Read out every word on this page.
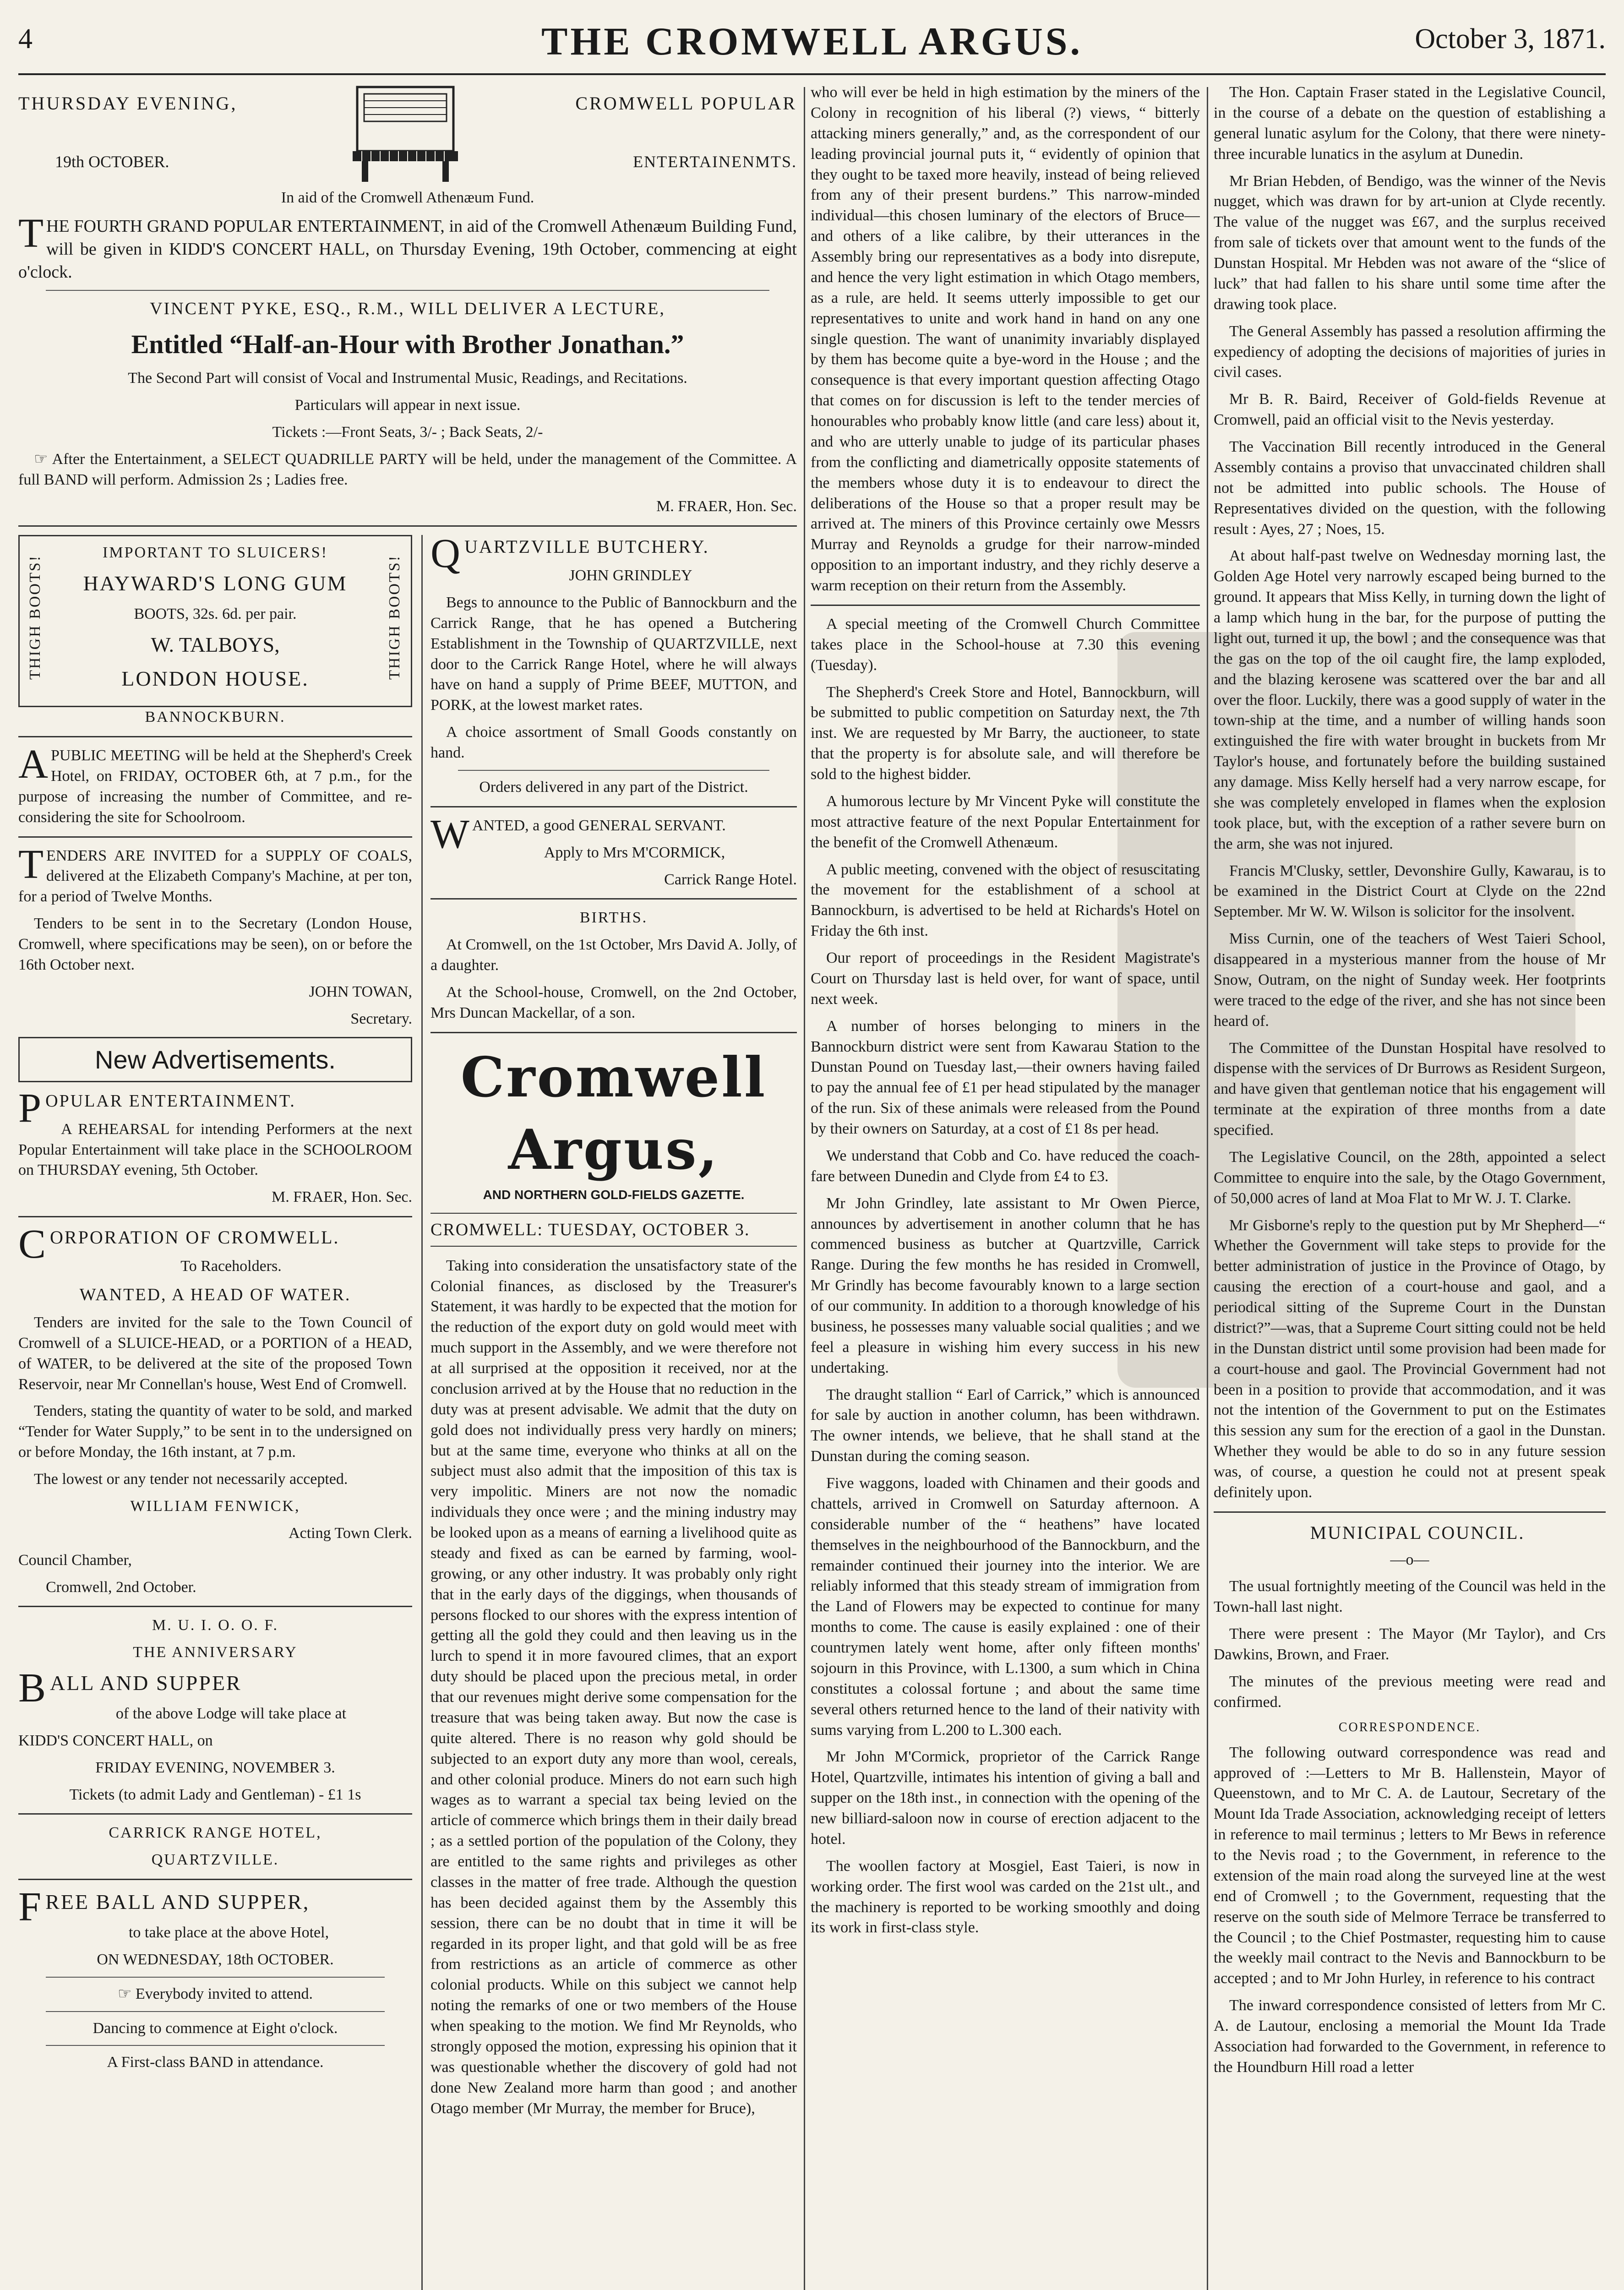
4	THE CROMWELL ARGUS.	October 3, 1871.
THURSDAY EVENING,
19th OCTOBER.
CROMWELL POPULAR
ENTERTAINENMTS.

In aid of the Cromwell Athenæum Fund.

THE FOURTH GRAND POPULAR ENTERTAINMENT, in aid of the Cromwell Athenæum Building Fund, will be given in KIDD'S CONCERT HALL, on Thursday Evening, 19th October, commencing at eight o'clock.

VINCENT PYKE, ESQ., R.M., WILL DELIVER A LECTURE,

Entitled “Half-an-Hour with Brother Jonathan.”

The Second Part will consist of Vocal and Instrumental Music, Readings, and Recitations.

Particulars will appear in next issue.

Tickets :—Front Seats, 3/- ; Back Seats, 2/-

☞ After the Entertainment, a SELECT QUADRILLE PARTY will be held, under the management of the Committee. A full BAND will perform. Admission 2s ; Ladies free.

M. FRAER, Hon. Sec.

THIGH BOOTS!	THIGH BOOTS!

IMPORTANT TO SLUICERS!

HAYWARD'S LONG GUM

BOOTS, 32s. 6d. per pair.

W. TALBOYS,

LONDON HOUSE.

BANNOCKBURN.

APUBLIC MEETING will be held at the Shepherd's Creek Hotel, on FRIDAY, OCTOBER 6th, at 7 p.m., for the purpose of increasing the number of Committee, and re-considering the site for Schoolroom.

TENDERS ARE INVITED for a SUPPLY OF COALS, delivered at the Elizabeth Company's Machine, at per ton, for a period of Twelve Months.

Tenders to be sent in to the Secretary (London House, Cromwell, where specifications may be seen), on or before the 16th October next.

JOHN TOWAN,

Secretary.

New Advertisements.

POPULAR ENTERTAINMENT.

A REHEARSAL for intending Performers at the next Popular Entertainment will take place in the SCHOOLROOM on THURSDAY evening, 5th October.

M. FRAER, Hon. Sec.

CORPORATION OF CROMWELL.

To Raceholders.

WANTED, A HEAD OF WATER.

Tenders are invited for the sale to the Town Council of Cromwell of a SLUICE-HEAD, or a PORTION of a HEAD, of WATER, to be delivered at the site of the proposed Town Reservoir, near Mr Connellan's house, West End of Cromwell.

Tenders, stating the quantity of water to be sold, and marked “Tender for Water Supply,” to be sent in to the undersigned on or before Monday, the 16th instant, at 7 p.m.

The lowest or any tender not necessarily accepted.

WILLIAM FENWICK,

Acting Town Clerk.

Council Chamber,

Cromwell, 2nd October.

M. U. I. O. O. F.

THE ANNIVERSARY

BALL AND SUPPER

of the above Lodge will take place at

KIDD'S CONCERT HALL, on

FRIDAY EVENING, NOVEMBER 3.

Tickets (to admit Lady and Gentleman) - £1 1s

CARRICK RANGE HOTEL,

QUARTZVILLE.

FREE BALL AND SUPPER,

to take place at the above Hotel,

ON WEDNESDAY, 18th OCTOBER.

☞ Everybody invited to attend.

Dancing to commence at Eight o'clock.

A First-class BAND in attendance.

QUARTZVILLE BUTCHERY.

JOHN GRINDLEY

Begs to announce to the Public of Bannockburn and the Carrick Range, that he has opened a Butchering Establishment in the Township of QUARTZVILLE, next door to the Carrick Range Hotel, where he will always have on hand a supply of Prime BEEF, MUTTON, and PORK, at the lowest market rates.

A choice assortment of Small Goods constantly on hand.

Orders delivered in any part of the District.

WANTED, a good GENERAL SERVANT.

Apply to Mrs M'CORMICK,

Carrick Range Hotel.

BIRTHS.

At Cromwell, on the 1st October, Mrs David A. Jolly, of a daughter.

At the School-house, Cromwell, on the 2nd October, Mrs Duncan Mackellar, of a son.

Cromwell Argus,
AND NORTHERN GOLD-FIELDS GAZETTE.
CROMWELL: TUESDAY, OCTOBER 3.

Taking into consideration the unsatisfactory state of the Colonial finances, as disclosed by the Treasurer's Statement, it was hardly to be expected that the motion for the reduction of the export duty on gold would meet with much support in the Assembly, and we were therefore not at all surprised at the opposition it received, nor at the conclusion arrived at by the House that no reduction in the duty was at present advisable. We admit that the duty on gold does not individually press very hardly on miners; but at the same time, everyone who thinks at all on the subject must also admit that the imposition of this tax is very impolitic. Miners are not now the nomadic individuals they once were ; and the mining industry may be looked upon as a means of earning a livelihood quite as steady and fixed as can be earned by farming, wool-growing, or any other industry. It was probably only right that in the early days of the diggings, when thousands of persons flocked to our shores with the express intention of getting all the gold they could and then leaving us in the lurch to spend it in more favoured climes, that an export duty should be placed upon the precious metal, in order that our revenues might derive some compensation for the treasure that was being taken away. But now the case is quite altered. There is no reason why gold should be subjected to an export duty any more than wool, cereals, and other colonial produce. Miners do not earn such high wages as to warrant a special tax being levied on the article of commerce which brings them in their daily bread ; as a settled portion of the population of the Colony, they are entitled to the same rights and privileges as other classes in the matter of free trade. Although the question has been decided against them by the Assembly this session, there can be no doubt that in time it will be regarded in its proper light, and that gold will be as free from restrictions as an article of commerce as other colonial products. While on this subject we cannot help noting the remarks of one or two members of the House when speaking to the motion. We find Mr Reynolds, who strongly opposed the motion, expressing his opinion that it was questionable whether the discovery of gold had not done New Zealand more harm than good ; and another Otago member (Mr Murray, the member for Bruce),

who will ever be held in high estimation by the miners of the Colony in recognition of his liberal (?) views, “ bitterly attacking miners generally,” and, as the correspondent of our leading provincial journal puts it, “ evidently of opinion that they ought to be taxed more heavily, instead of being relieved from any of their present burdens.” This narrow-minded individual—this chosen luminary of the electors of Bruce—and others of a like calibre, by their utterances in the Assembly bring our representatives as a body into disrepute, and hence the very light estimation in which Otago members, as a rule, are held. It seems utterly impossible to get our representatives to unite and work hand in hand on any one single question. The want of unanimity invariably displayed by them has become quite a bye-word in the House ; and the consequence is that every important question affecting Otago that comes on for discussion is left to the tender mercies of honourables who probably know little (and care less) about it, and who are utterly unable to judge of its particular phases from the conflicting and diametrically opposite statements of the members whose duty it is to endeavour to direct the deliberations of the House so that a proper result may be arrived at. The miners of this Province certainly owe Messrs Murray and Reynolds a grudge for their narrow-minded opposition to an important industry, and they richly deserve a warm reception on their return from the Assembly.

A special meeting of the Cromwell Church Committee takes place in the School-house at 7.30 this evening (Tuesday).

The Shepherd's Creek Store and Hotel, Bannockburn, will be submitted to public competition on Saturday next, the 7th inst. We are requested by Mr Barry, the auctioneer, to state that the property is for absolute sale, and will therefore be sold to the highest bidder.

A humorous lecture by Mr Vincent Pyke will constitute the most attractive feature of the next Popular Entertainment for the benefit of the Cromwell Athenæum.

A public meeting, convened with the object of resuscitating the movement for the establishment of a school at Bannockburn, is advertised to be held at Richards's Hotel on Friday the 6th inst.

Our report of proceedings in the Resident Magistrate's Court on Thursday last is held over, for want of space, until next week.

A number of horses belonging to miners in the Bannockburn district were sent from Kawarau Station to the Dunstan Pound on Tuesday last,—their owners having failed to pay the annual fee of £1 per head stipulated by the manager of the run. Six of these animals were released from the Pound by their owners on Saturday, at a cost of £1 8s per head.

We understand that Cobb and Co. have reduced the coach-fare between Dunedin and Clyde from £4 to £3.

Mr John Grindley, late assistant to Mr Owen Pierce, announces by advertisement in another column that he has commenced business as butcher at Quartzville, Carrick Range. During the few months he has resided in Cromwell, Mr Grindly has become favourably known to a large section of our community. In addition to a thorough knowledge of his business, he possesses many valuable social qualities ; and we feel a pleasure in wishing him every success in his new undertaking.

The draught stallion “ Earl of Carrick,” which is announced for sale by auction in another column, has been withdrawn. The owner intends, we believe, that he shall stand at the Dunstan during the coming season.

Five waggons, loaded with Chinamen and their goods and chattels, arrived in Cromwell on Saturday afternoon. A considerable number of the “ heathens” have located themselves in the neighbourhood of the Bannockburn, and the remainder continued their journey into the interior. We are reliably informed that this steady stream of immigration from the Land of Flowers may be expected to continue for many months to come. The cause is easily explained : one of their countrymen lately went home, after only fifteen months' sojourn in this Province, with L.1300, a sum which in China constitutes a colossal fortune ; and about the same time several others returned hence to the land of their nativity with sums varying from L.200 to L.300 each.

Mr John M'Cormick, proprietor of the Carrick Range Hotel, Quartzville, intimates his intention of giving a ball and supper on the 18th inst., in connection with the opening of the new billiard-saloon now in course of erection adjacent to the hotel.

The woollen factory at Mosgiel, East Taieri, is now in working order. The first wool was carded on the 21st ult., and the machinery is reported to be working smoothly and doing its work in first-class style.

The Hon. Captain Fraser stated in the Legislative Council, in the course of a debate on the question of establishing a general lunatic asylum for the Colony, that there were ninety-three incurable lunatics in the asylum at Dunedin.

Mr Brian Hebden, of Bendigo, was the winner of the Nevis nugget, which was drawn for by art-union at Clyde recently. The value of the nugget was £67, and the surplus received from sale of tickets over that amount went to the funds of the Dunstan Hospital. Mr Hebden was not aware of the “slice of luck” that had fallen to his share until some time after the drawing took place.

The General Assembly has passed a resolution affirming the expediency of adopting the decisions of majorities of juries in civil cases.

Mr B. R. Baird, Receiver of Gold-fields Revenue at Cromwell, paid an official visit to the Nevis yesterday.

The Vaccination Bill recently introduced in the General Assembly contains a proviso that unvaccinated children shall not be admitted into public schools. The House of Representatives divided on the question, with the following result : Ayes, 27 ; Noes, 15.

At about half-past twelve on Wednesday morning last, the Golden Age Hotel very narrowly escaped being burned to the ground. It appears that Miss Kelly, in turning down the light of a lamp which hung in the bar, for the purpose of putting the light out, turned it up, the bowl ; and the consequence was that the gas on the top of the oil caught fire, the lamp exploded, and the blazing kerosene was scattered over the bar and all over the floor. Luckily, there was a good supply of water in the town-ship at the time, and a number of willing hands soon extinguished the fire with water brought in buckets from Mr Taylor's house, and fortunately before the building sustained any damage. Miss Kelly herself had a very narrow escape, for she was completely enveloped in flames when the explosion took place, but, with the exception of a rather severe burn on the arm, she was not injured.

Francis M'Clusky, settler, Devonshire Gully, Kawarau, is to be examined in the District Court at Clyde on the 22nd September. Mr W. W. Wilson is solicitor for the insolvent.

Miss Curnin, one of the teachers of West Taieri School, disappeared in a mysterious manner from the house of Mr Snow, Outram, on the night of Sunday week. Her footprints were traced to the edge of the river, and she has not since been heard of.

The Committee of the Dunstan Hospital have resolved to dispense with the services of Dr Burrows as Resident Surgeon, and have given that gentleman notice that his engagement will terminate at the expiration of three months from a date specified.

The Legislative Council, on the 28th, appointed a select Committee to enquire into the sale, by the Otago Government, of 50,000 acres of land at Moa Flat to Mr W. J. T. Clarke.

Mr Gisborne's reply to the question put by Mr Shepherd—“ Whether the Government will take steps to provide for the better administration of justice in the Province of Otago, by causing the erection of a court-house and gaol, and a periodical sitting of the Supreme Court in the Dunstan district?”—was, that a Supreme Court sitting could not be held in the Dunstan district until some provision had been made for a court-house and gaol. The Provincial Government had not been in a position to provide that accommodation, and it was not the intention of the Government to put on the Estimates this session any sum for the erection of a gaol in the Dunstan. Whether they would be able to do so in any future session was, of course, a question he could not at present speak definitely upon.

MUNICIPAL COUNCIL.

—o—

The usual fortnightly meeting of the Council was held in the Town-hall last night.

There were present : The Mayor (Mr Taylor), and Crs Dawkins, Brown, and Fraer.

The minutes of the previous meeting were read and confirmed.

CORRESPONDENCE.

The following outward correspondence was read and approved of :—Letters to Mr B. Hallenstein, Mayor of Queenstown, and to Mr C. A. de Lautour, Secretary of the Mount Ida Trade Association, acknowledging receipt of letters in reference to mail terminus ; letters to Mr Bews in reference to the Nevis road ; to the Government, in reference to the extension of the main road along the surveyed line at the west end of Cromwell ; to the Government, requesting that the reserve on the south side of Melmore Terrace be transferred to the Council ; to the Chief Postmaster, requesting him to cause the weekly mail contract to the Nevis and Bannockburn to be accepted ; and to Mr John Hurley, in reference to his contract

The inward correspondence consisted of letters from Mr C. A. de Lautour, enclosing a memorial the Mount Ida Trade Association had forwarded to the Government, in reference to the Houndburn Hill road a letter
